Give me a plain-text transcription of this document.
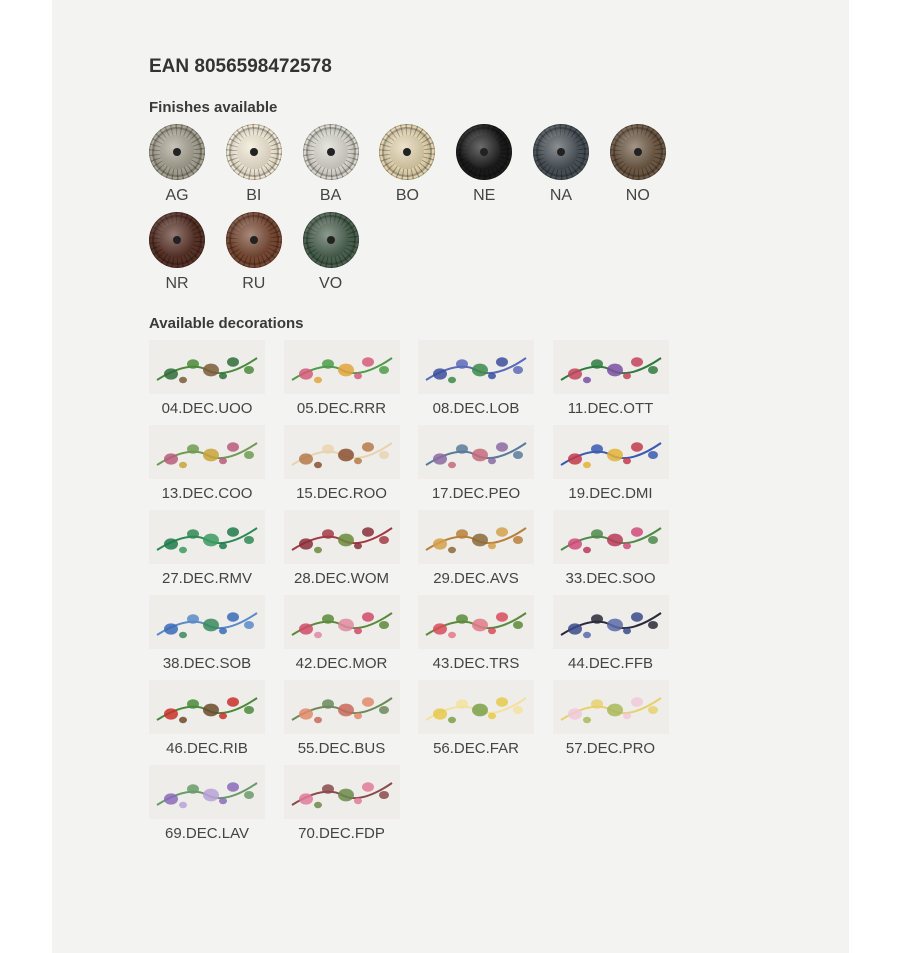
EAN 8056598472578
Finishes available
AG	BI	BA	BO	NE	NA	NO
NR	RU	VO
Available decorations
04.DEC.UOO	05.DEC.RRR	08.DEC.LOB	11.DEC.OTT
13.DEC.COO	15.DEC.ROO	17.DEC.PEO	19.DEC.DMI
27.DEC.RMV	28.DEC.WOM	29.DEC.AVS	33.DEC.SOO
38.DEC.SOB	42.DEC.MOR	43.DEC.TRS	44.DEC.FFB
46.DEC.RIB	55.DEC.BUS	56.DEC.FAR	57.DEC.PRO
69.DEC.LAV	70.DEC.FDP
